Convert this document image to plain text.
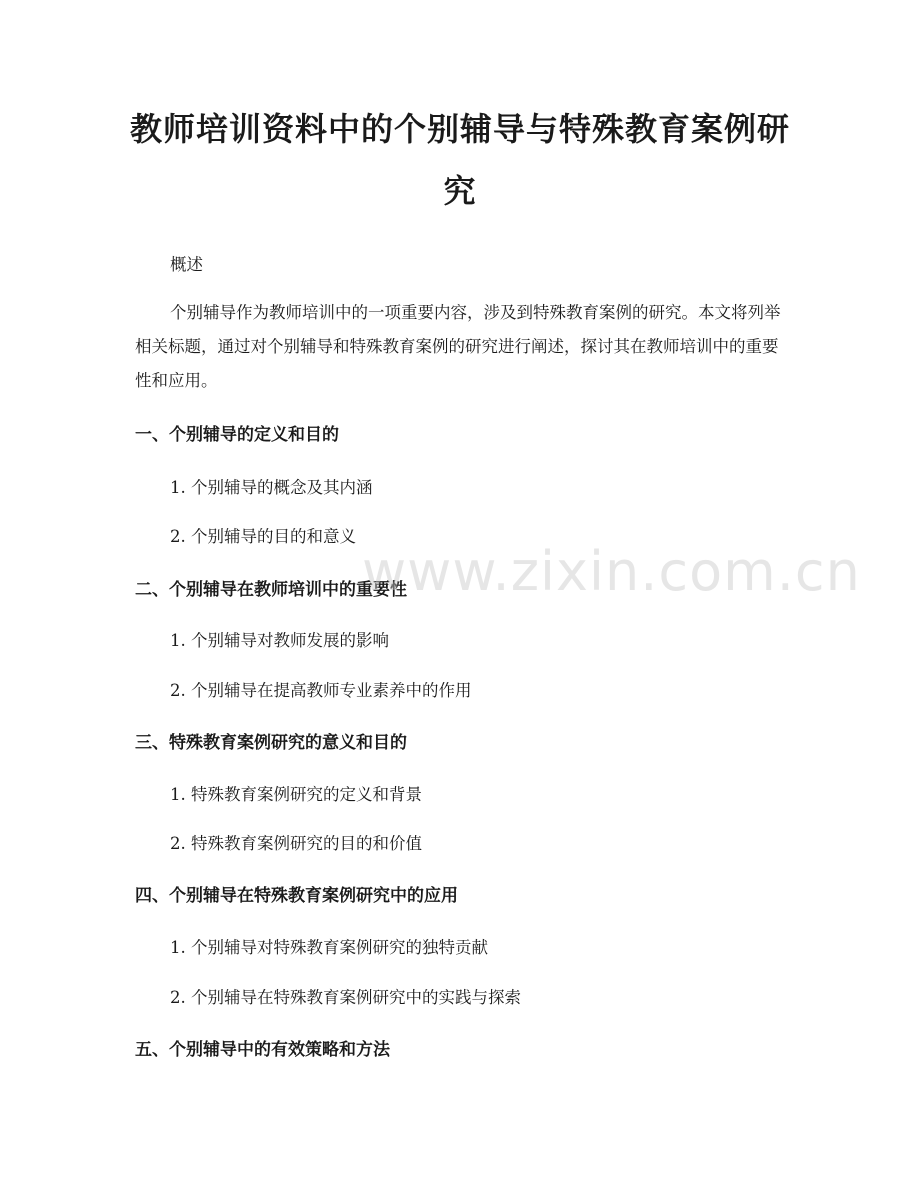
教师培训资料中的个别辅导与特殊教育案例研究

概述

个别辅导作为教师培训中的一项重要内容，涉及到特殊教育案例的研究。本文将列举相关标题，通过对个别辅导和特殊教育案例的研究进行阐述，探讨其在教师培训中的重要性和应用。

一、个别辅导的定义和目的

1. 个别辅导的概念及其内涵

2. 个别辅导的目的和意义

二、个别辅导在教师培训中的重要性

1. 个别辅导对教师发展的影响

2. 个别辅导在提高教师专业素养中的作用

三、特殊教育案例研究的意义和目的

1. 特殊教育案例研究的定义和背景

2. 特殊教育案例研究的目的和价值

四、个别辅导在特殊教育案例研究中的应用

1. 个别辅导对特殊教育案例研究的独特贡献

2. 个别辅导在特殊教育案例研究中的实践与探索

五、个别辅导中的有效策略和方法
www.zixin.com.cn
